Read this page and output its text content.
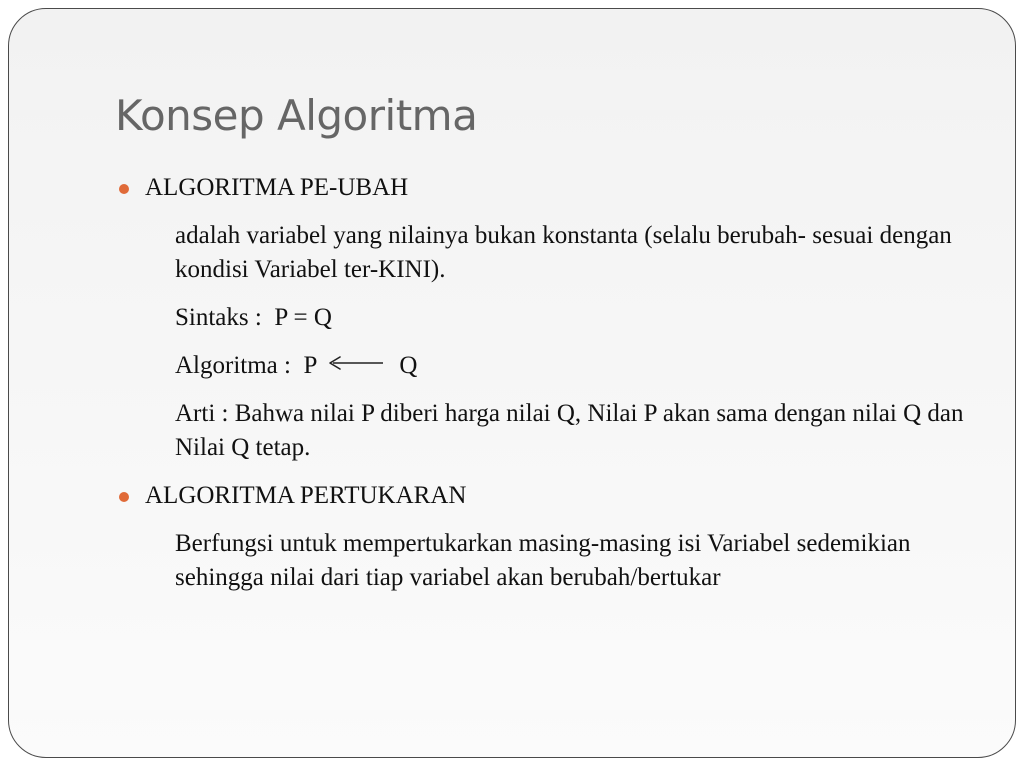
Konsep Algoritma
ALGORITMA PE-UBAH
adalah variabel yang nilainya bukan konstanta (selalu berubah- sesuai dengan kondisi Variabel ter-KINI).
Sintaks :  P = Q
Algoritma :  P	Q
Arti : Bahwa nilai P diberi harga nilai Q, Nilai P akan sama dengan nilai Q dan Nilai Q tetap.
ALGORITMA PERTUKARAN
Berfungsi untuk mempertukarkan masing-masing isi Variabel sedemikian sehingga nilai dari tiap variabel akan berubah/bertukar
